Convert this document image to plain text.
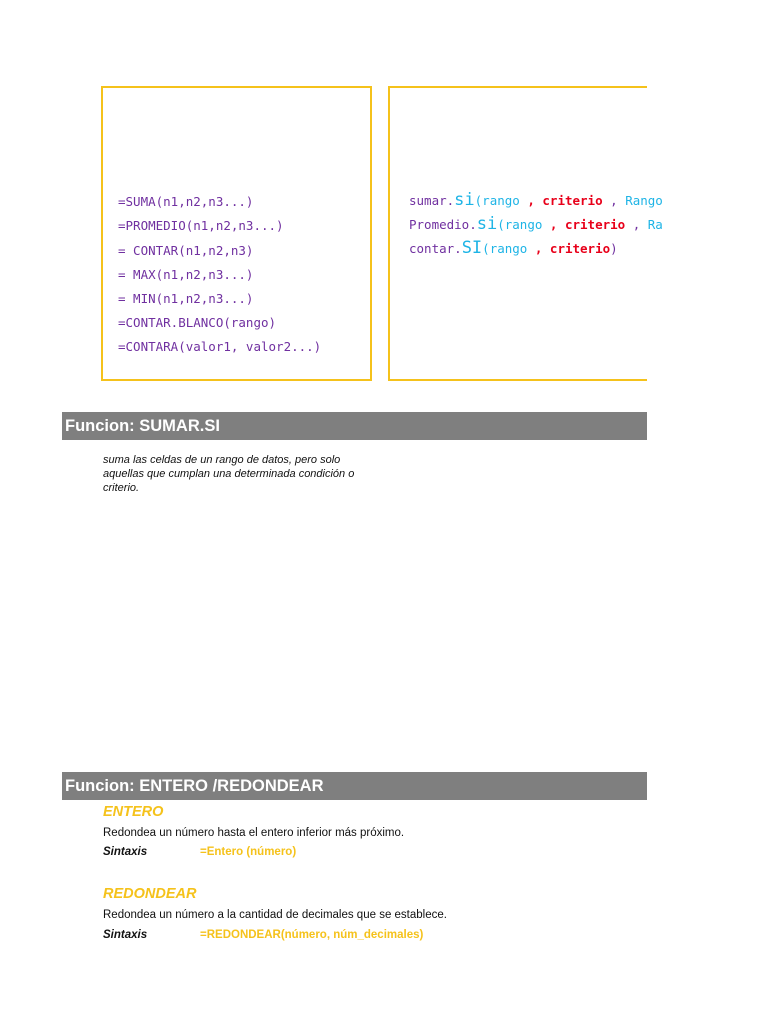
=SUMA(n1,n2,n3...)
=PROMEDIO(n1,n2,n3...)
= CONTAR(n1,n2,n3)
= MAX(n1,n2,n3...)
= MIN(n1,n2,n3...)
=CONTAR.BLANCO(rango)
=CONTARA(valor1, valor2...)
sumar.si(rango , criterio , Rango
Promedio.si(rango , criterio , Ra
contar.SI(rango , criterio)
Funcion: SUMAR.SI
suma las celdas de un rango de datos, pero solo aquellas que cumplan una determinada condición o criterio.
Funcion: ENTERO /REDONDEAR
ENTERO
Redondea un número hasta el entero inferior más próximo.
Sintaxis	=Entero (número)
REDONDEAR
Redondea un número a la cantidad de decimales que se establece.
Sintaxis	=REDONDEAR(número, núm_decimales)
